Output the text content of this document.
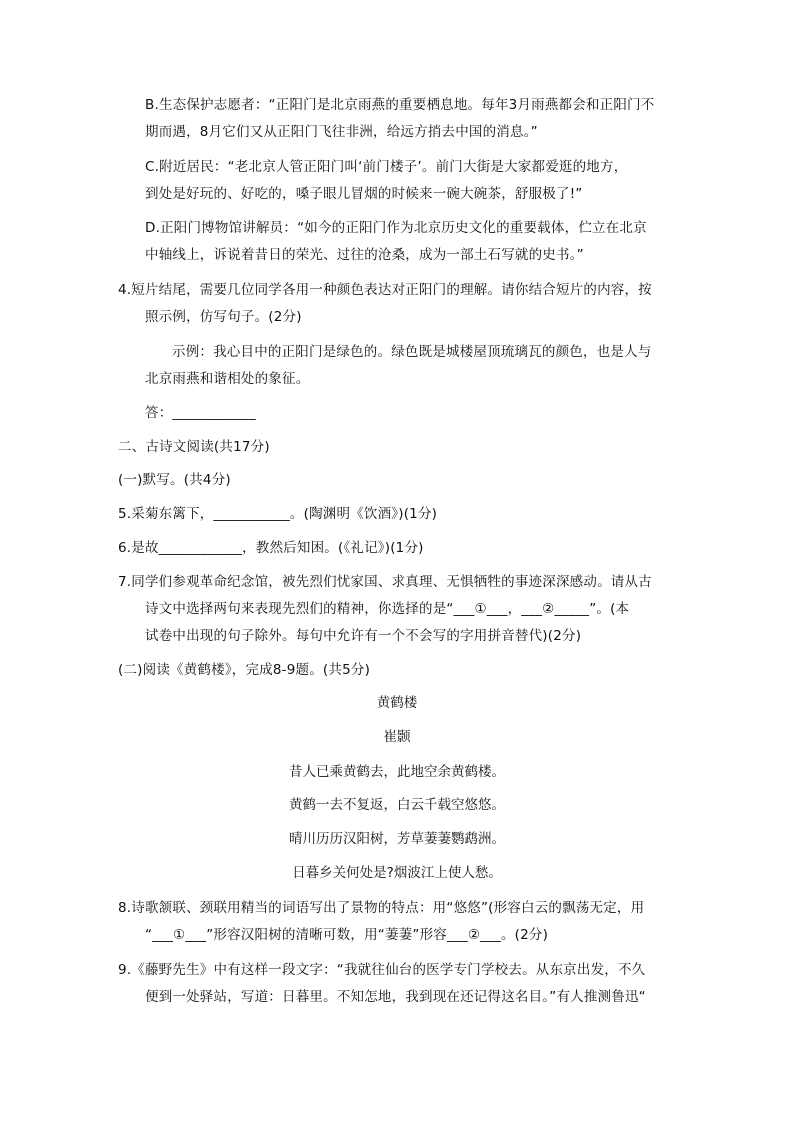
B.生态保护志愿者：“正阳门是北京雨燕的重要栖息地。每年3月雨燕都会和正阳门不
期而遇，8月它们又从正阳门飞往非洲，给远方捎去中国的消息。”
C.附近居民：“老北京人管正阳门叫‘前门楼子’。前门大街是大家都爱逛的地方，
到处是好玩的、好吃的，嗓子眼儿冒烟的时候来一碗大碗茶，舒服极了!”
D.正阳门博物馆讲解员：“如今的正阳门作为北京历史文化的重要载体，伫立在北京
中轴线上，诉说着昔日的荣光、过往的沧桑，成为一部土石写就的史书。”
4.短片结尾，需要几位同学各用一种颜色表达对正阳门的理解。请你结合短片的内容，按
照示例，仿写句子。(2分)
示例：我心目中的正阳门是绿色的。绿色既是城楼屋顶琉璃瓦的颜色，也是人与
北京雨燕和谐相处的象征。
答：____________
二、古诗文阅读(共17分)
(一)默写。(共4分)
5.采菊东篱下，___________。(陶渊明《饮酒》)(1分)
6.是故____________，教然后知困。(《礼记》)(1分)
7.同学们参观革命纪念馆，被先烈们忧家国、求真理、无惧牺牲的事迹深深感动。请从古
诗文中选择两句来表现先烈们的精神，你选择的是“___①___，___②_____”。(本
试卷中出现的句子除外。每句中允许有一个不会写的字用拼音替代)(2分)
(二)阅读《黄鹤楼》，完成8-9题。(共5分)
黄鹤楼
崔颢
昔人已乘黄鹤去，此地空余黄鹤楼。
黄鹤一去不复返，白云千载空悠悠。
晴川历历汉阳树，芳草萋萋鹦鹉洲。
日暮乡关何处是?烟波江上使人愁。
8.诗歌颔联、颈联用精当的词语写出了景物的特点：用“悠悠”(形容白云的飘荡无定，用
“___①___”形容汉阳树的清晰可数，用“萋萋”形容___②___。(2分)
9.《藤野先生》中有这样一段文字：“我就往仙台的医学专门学校去。从东京出发，不久
便到一处驿站，写道：日暮里。不知怎地，我到现在还记得这名目。”有人推测鲁迅“
